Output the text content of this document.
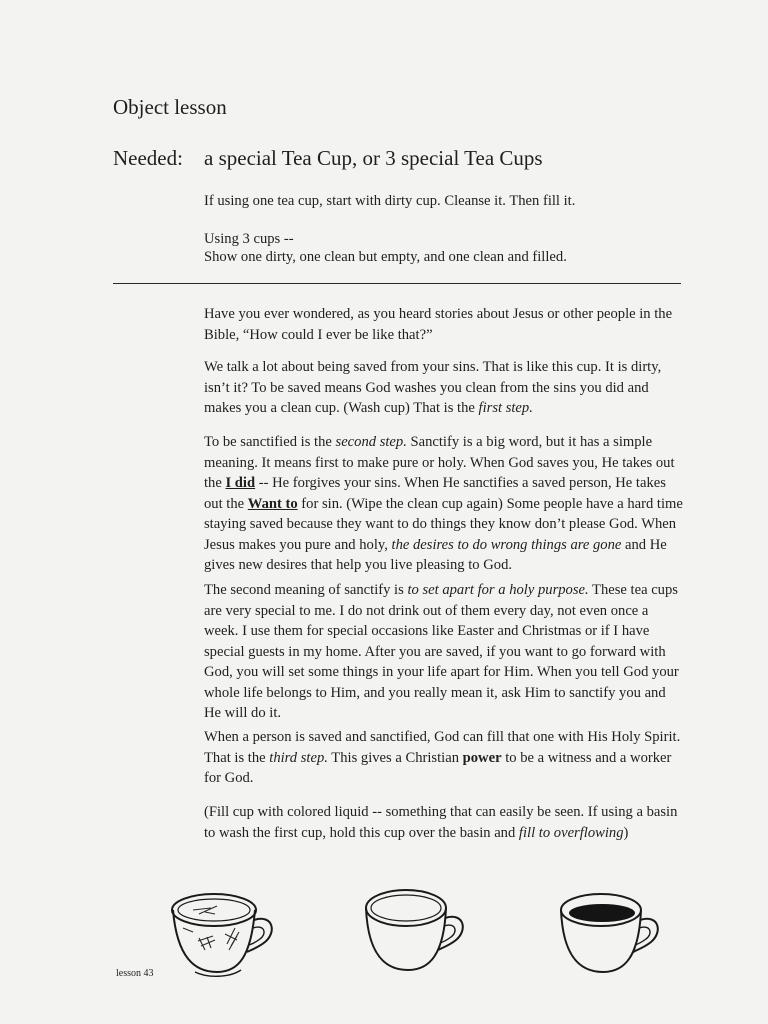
Object lesson
Needed: a special Tea Cup, or 3 special Tea Cups
If using one tea cup, start with dirty cup. Cleanse it. Then fill it.
Using 3 cups --
Show one dirty, one clean but empty, and one clean and filled.

Have you ever wondered, as you heard stories about Jesus or other people in the Bible, “How could I ever be like that?”

We talk a lot about being saved from your sins. That is like this cup. It is dirty, isn’t it? To be saved means God washes you clean from the sins you did and makes you a clean cup. (Wash cup) That is the first step.

To be sanctified is the second step. Sanctify is a big word, but it has a simple meaning. It means first to make pure or holy. When God saves you, He takes out the I did -- He forgives your sins. When He sanctifies a saved person, He takes out the Want to for sin. (Wipe the clean cup again) Some people have a hard time staying saved because they want to do things they know don’t please God. When Jesus makes you pure and holy, the desires to do wrong things are gone and He gives new desires that help you live pleasing to God.

The second meaning of sanctify is to set apart for a holy purpose. These tea cups are very special to me. I do not drink out of them every day, not even once a week. I use them for special occasions like Easter and Christmas or if I have special guests in my home. After you are saved, if you want to go forward with God, you will set some things in your life apart for Him. When you tell God your whole life belongs to Him, and you really mean it, ask Him to sanctify you and He will do it.

When a person is saved and sanctified, God can fill that one with His Holy Spirit. That is the third step. This gives a Christian power to be a witness and a worker for God.

(Fill cup with colored liquid -- something that can easily be seen. If using a basin to wash the first cup, hold this cup over the basin and fill to overflowing)

lesson 43
